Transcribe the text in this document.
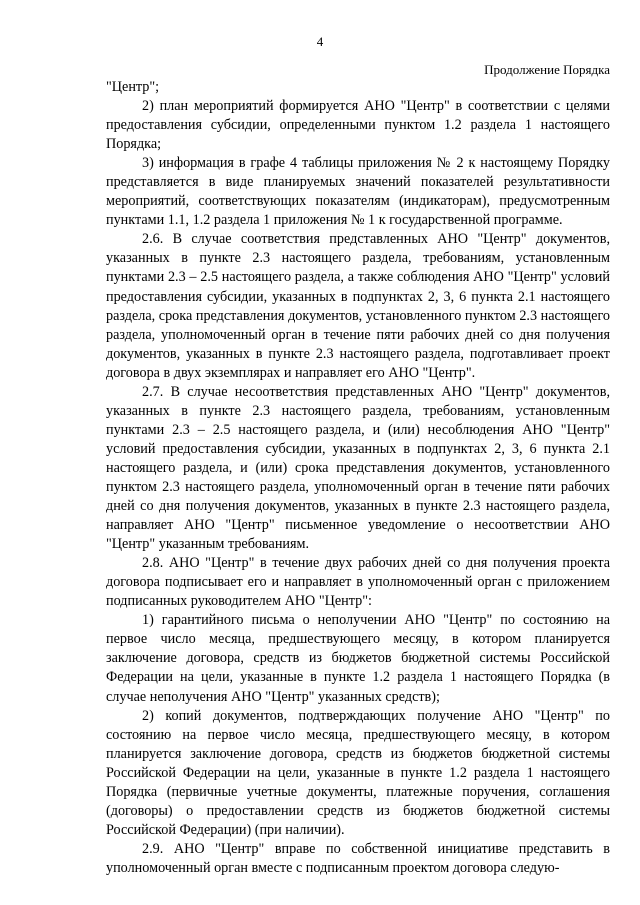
4
Продолжение Порядка

"Центр";

2) план мероприятий формируется АНО "Центр" в соответствии с целями предоставления субсидии, определенными пунктом 1.2 раздела 1 настоящего Порядка;

3) информация в графе 4 таблицы приложения № 2 к настоящему Порядку представляется в виде планируемых значений показателей результативности мероприятий, соответствующих показателям (индикаторам), предусмотренным пунктами 1.1, 1.2 раздела 1 приложения № 1 к государственной программе.

2.6. В случае соответствия представленных АНО "Центр" документов, указанных в пункте 2.3 настоящего раздела, требованиям, установленным пунктами 2.3 – 2.5 настоящего раздела, а также соблюдения АНО "Центр" условий предоставления субсидии, указанных в подпунктах 2, 3, 6 пункта 2.1 настоящего раздела, срока представления документов, установленного пунктом 2.3 настоящего раздела, уполномоченный орган в течение пяти рабочих дней со дня получения документов, указанных в пункте 2.3 настоящего раздела, подготавливает проект договора в двух экземплярах и направляет его АНО "Центр".

2.7. В случае несоответствия представленных АНО "Центр" документов, указанных в пункте 2.3 настоящего раздела, требованиям, установленным пунктами 2.3 – 2.5 настоящего раздела, и (или) несоблюдения АНО "Центр" условий предоставления субсидии, указанных в подпунктах 2, 3, 6 пункта 2.1 настоящего раздела, и (или) срока представления документов, установленного пунктом 2.3 настоящего раздела, уполномоченный орган в течение пяти рабочих дней со дня получения документов, указанных в пункте 2.3 настоящего раздела, направляет АНО "Центр" письменное уведомление о несоответствии АНО "Центр" указанным требованиям.

2.8. АНО "Центр" в течение двух рабочих дней со дня получения проекта договора подписывает его и направляет в уполномоченный орган с приложением подписанных руководителем АНО "Центр":

1) гарантийного письма о неполучении АНО "Центр" по состоянию на первое число месяца, предшествующего месяцу, в котором планируется заключение договора, средств из бюджетов бюджетной системы Российской Федерации на цели, указанные в пункте 1.2 раздела 1 настоящего Порядка (в случае неполучения АНО "Центр" указанных средств);

2) копий документов, подтверждающих получение АНО "Центр" по состоянию на первое число месяца, предшествующего месяцу, в котором планируется заключение договора, средств из бюджетов бюджетной системы Российской Федерации на цели, указанные в пункте 1.2 раздела 1 настоящего Порядка (первичные учетные документы, платежные поручения, соглашения (договоры) о предоставлении средств из бюджетов бюджетной системы Российской Федерации) (при наличии).

2.9. АНО "Центр" вправе по собственной инициативе представить в уполномоченный орган вместе с подписанным проектом договора следую-
